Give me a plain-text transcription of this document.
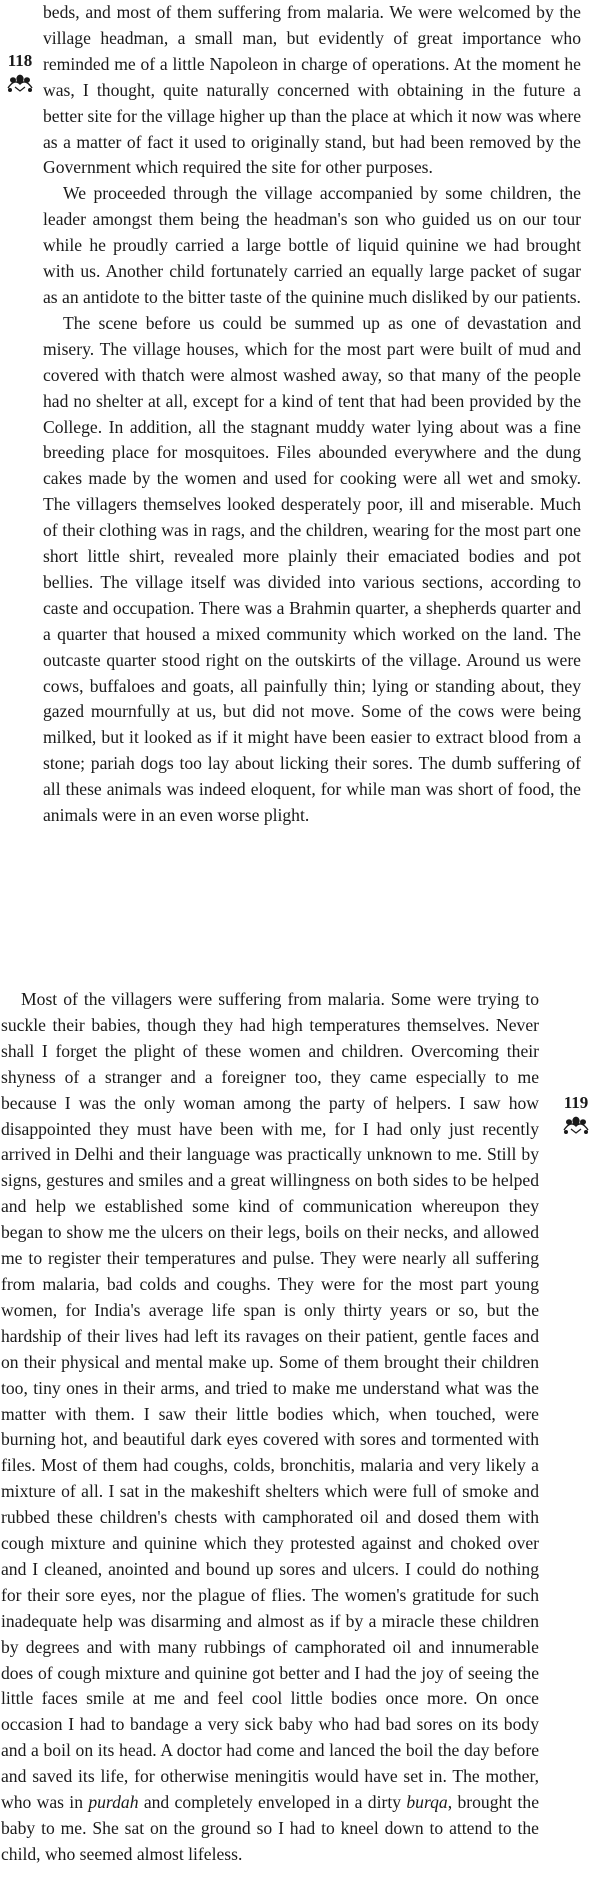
beds, and most of them suffering from malaria. We were welcomed by the village headman, a small man, but evidently of great importance who reminded me of a little Napoleon in charge of operations. At the moment he was, I thought, quite naturally concerned with obtaining in the future a better site for the village higher up than the place at which it now was where as a matter of fact it used to originally stand, but had been removed by the Government which required the site for other purposes.

We proceeded through the village accompanied by some children, the leader amongst them being the headman's son who guided us on our tour while he proudly carried a large bottle of liquid quinine we had brought with us. Another child fortunately carried an equally large packet of sugar as an antidote to the bitter taste of the quinine much disliked by our patients.

The scene before us could be summed up as one of devastation and misery. The village houses, which for the most part were built of mud and covered with thatch were almost washed away, so that many of the people had no shelter at all, except for a kind of tent that had been provided by the College. In addition, all the stagnant muddy water lying about was a fine breeding place for mosquitoes. Files abounded everywhere and the dung cakes made by the women and used for cooking were all wet and smoky. The villagers themselves looked desperately poor, ill and miserable. Much of their clothing was in rags, and the children, wearing for the most part one short little shirt, revealed more plainly their emaciated bodies and pot bellies. The village itself was divided into various sections, according to caste and occupation. There was a Brahmin quarter, a shepherds quarter and a quarter that housed a mixed community which worked on the land. The outcaste quarter stood right on the outskirts of the village. Around us were cows, buffaloes and goats, all painfully thin; lying or standing about, they gazed mournfully at us, but did not move. Some of the cows were being milked, but it looked as if it might have been easier to extract blood from a stone; pariah dogs too lay about licking their sores. The dumb suffering of all these animals was indeed eloquent, for while man was short of food, the animals were in an even worse plight.

118

Most of the villagers were suffering from malaria. Some were trying to suckle their babies, though they had high temperatures themselves. Never shall I forget the plight of these women and children. Overcoming their shyness of a stranger and a foreigner too, they came especially to me because I was the only woman among the party of helpers. I saw how disappointed they must have been with me, for I had only just recently arrived in Delhi and their language was practically unknown to me. Still by signs, gestures and smiles and a great willingness on both sides to be helped and help we established some kind of communication whereupon they began to show me the ulcers on their legs, boils on their necks, and allowed me to register their temperatures and pulse. They were nearly all suffering from malaria, bad colds and coughs. They were for the most part young women, for India's average life span is only thirty years or so, but the hardship of their lives had left its ravages on their patient, gentle faces and on their physical and mental make up. Some of them brought their children too, tiny ones in their arms, and tried to make me understand what was the matter with them. I saw their little bodies which, when touched, were burning hot, and beautiful dark eyes covered with sores and tormented with files. Most of them had coughs, colds, bronchitis, malaria and very likely a mixture of all. I sat in the makeshift shelters which were full of smoke and rubbed these children's chests with camphorated oil and dosed them with cough mixture and quinine which they protested against and choked over and I cleaned, anointed and bound up sores and ulcers. I could do nothing for their sore eyes, nor the plague of flies. The women's gratitude for such inadequate help was disarming and almost as if by a miracle these children by degrees and with many rubbings of camphorated oil and innumerable does of cough mixture and quinine got better and I had the joy of seeing the little faces smile at me and feel cool little bodies once more. On once occasion I had to bandage a very sick baby who had bad sores on its body and a boil on its head. A doctor had come and lanced the boil the day before and saved its life, for otherwise meningitis would have set in. The mother, who was in purdah and completely enveloped in a dirty burqa, brought the baby to me. She sat on the ground so I had to kneel down to attend to the child, who seemed almost lifeless.

119
